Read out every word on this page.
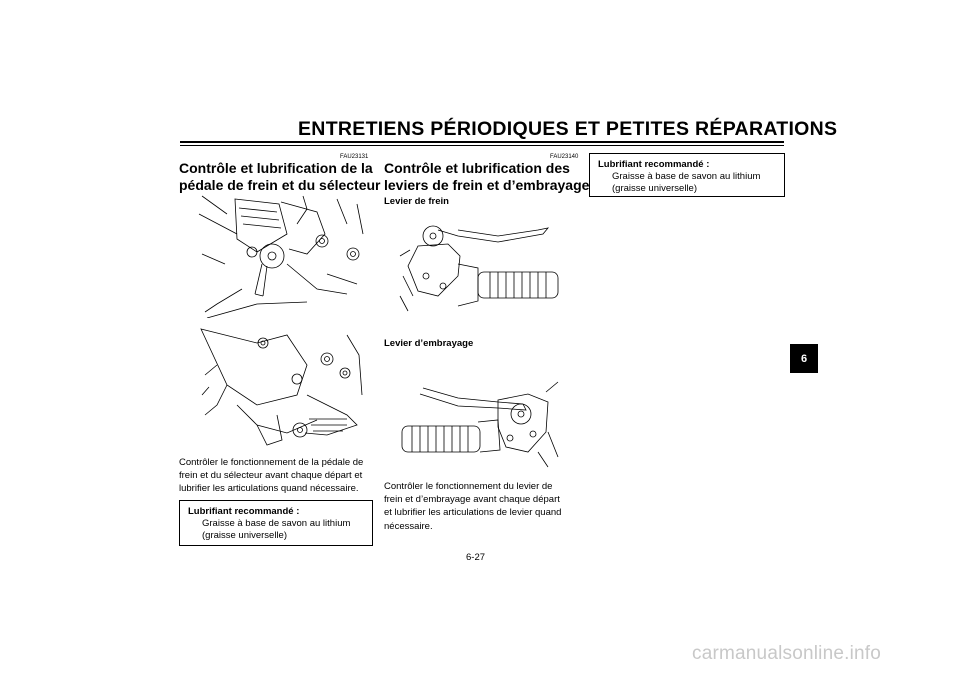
ENTRETIENS PÉRIODIQUES ET PETITES RÉPARATIONS
FAU23131
Contrôle et lubrification de la
pédale de frein et du sélecteur
Contrôler le fonctionnement de la pédale de
frein et du sélecteur avant chaque départ et
lubrifier les articulations quand nécessaire.
Lubrifiant recommandé :
Graisse à base de savon au lithium
(graisse universelle)
FAU23140
Contrôle et lubrification des
leviers de frein et d’embrayage
Levier de frein
Levier d’embrayage
Contrôler le fonctionnement du levier de
frein et d’embrayage avant chaque départ
et lubrifier les articulations de levier quand
nécessaire.
Lubrifiant recommandé :
Graisse à base de savon au lithium
(graisse universelle)
6
6-27
carmanualsonline.info
